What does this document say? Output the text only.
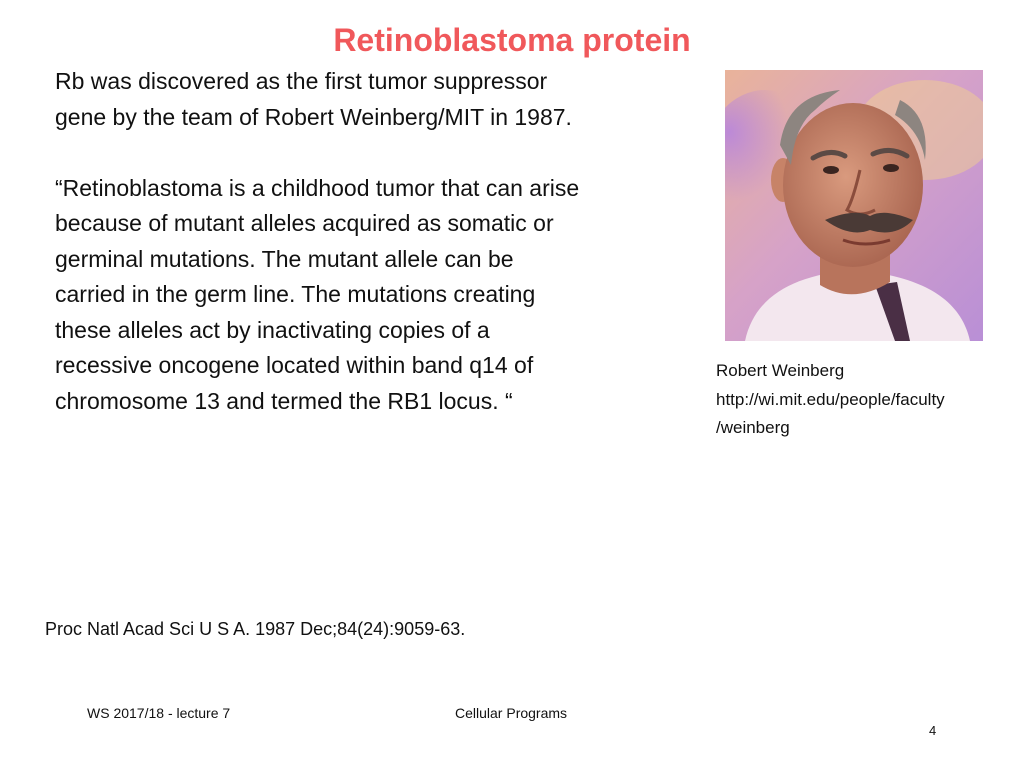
Retinoblastoma protein

Rb was discovered as the first tumor suppressor

gene by the team of Robert Weinberg/MIT in 1987.

“Retinoblastoma is a childhood tumor that can arise

because of mutant alleles acquired as somatic or

germinal mutations. The mutant allele can be

carried in the germ line. The mutations creating

these alleles act by inactivating copies of a

recessive oncogene located within band q14 of

chromosome 13 and termed the RB1 locus. “

Robert Weinberg
http://wi.mit.edu/people/faculty
/weinberg
Proc Natl Acad Sci U S A. 1987 Dec;84(24):9059-63.
WS 2017/18 - lecture 7	Cellular Programs
4
